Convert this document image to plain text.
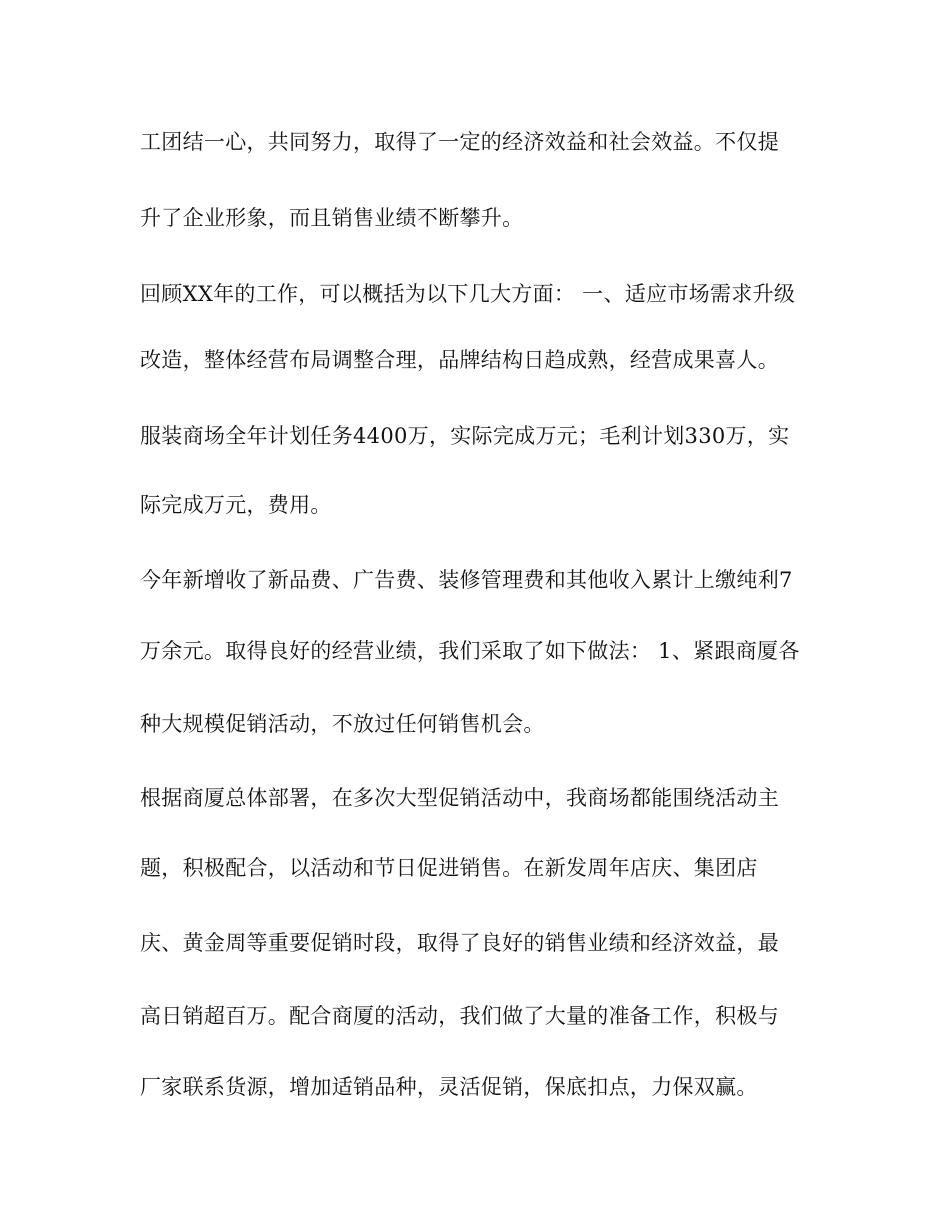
工团结一心，共同努力，取得了一定的经济效益和社会效益。不仅提
升了企业形象，而且销售业绩不断攀升。
回顾XX年的工作，可以概括为以下几大方面： 一、适应市场需求升级
改造，整体经营布局调整合理，品牌结构日趋成熟，经营成果喜人。
服装商场全年计划任务4400万，实际完成万元；毛利计划330万，实
际完成万元，费用。
今年新增收了新品费、广告费、装修管理费和其他收入累计上缴纯利7
万余元。取得良好的经营业绩，我们采取了如下做法： 1、紧跟商厦各
种大规模促销活动，不放过任何销售机会。
根据商厦总体部署，在多次大型促销活动中，我商场都能围绕活动主
题，积极配合，以活动和节日促进销售。在新发周年店庆、集团店
庆、黄金周等重要促销时段，取得了良好的销售业绩和经济效益，最
高日销超百万。配合商厦的活动，我们做了大量的准备工作，积极与
厂家联系货源，增加适销品种，灵活促销，保底扣点，力保双赢。
